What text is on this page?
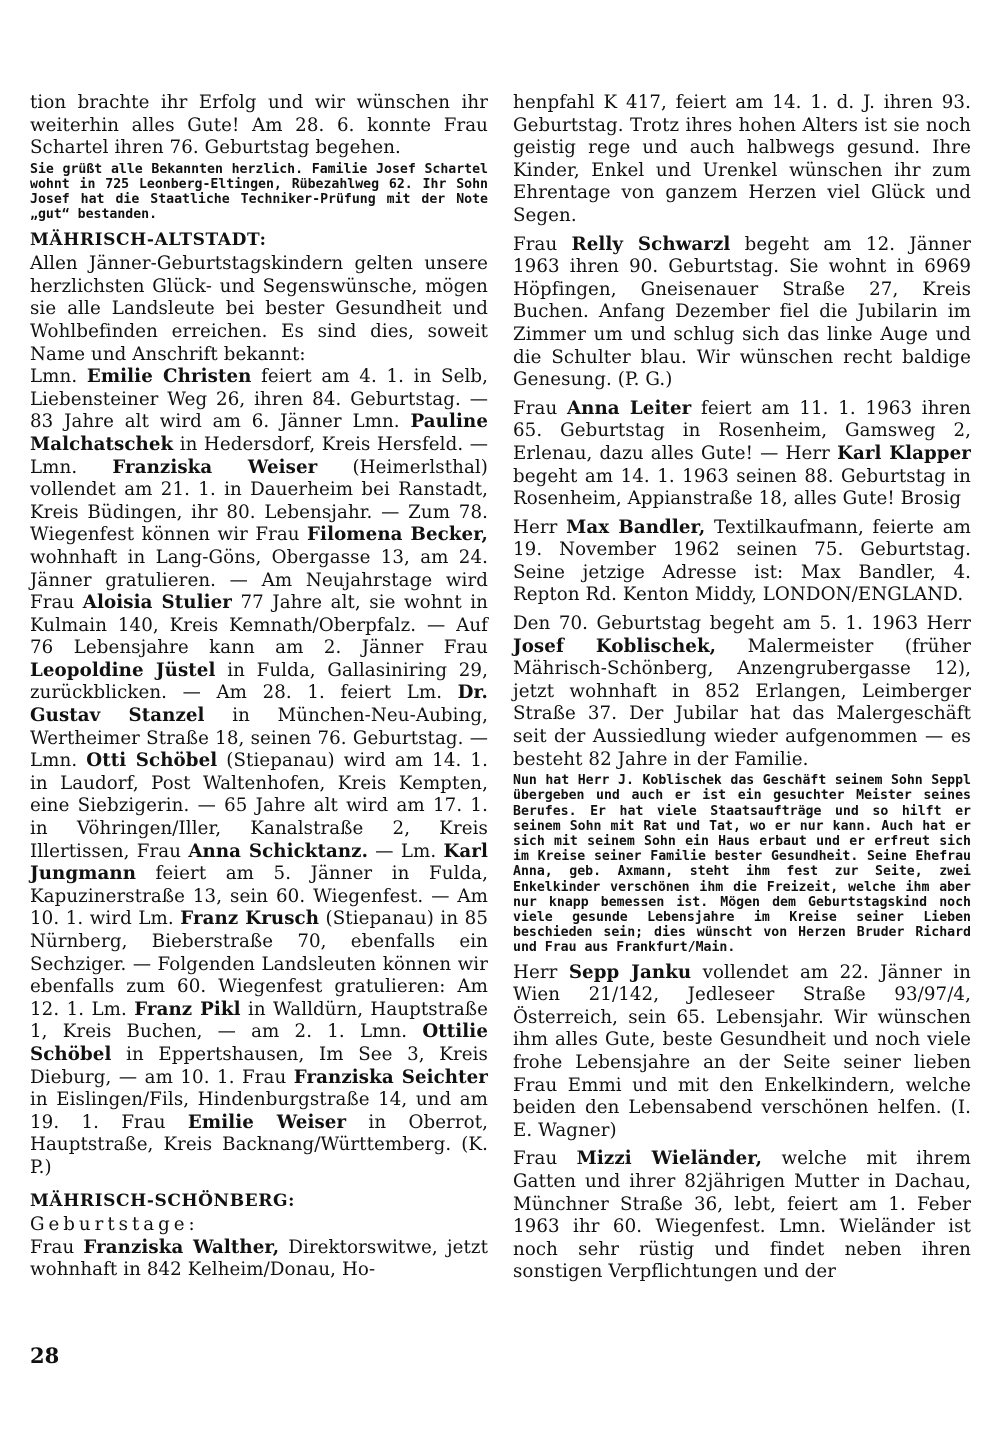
tion brachte ihr Erfolg und wir wünschen ihr weiterhin alles Gute! Am 28. 6. konnte Frau Schartel ihren 76. Geburtstag begehen.

Sie grüßt alle Bekannten herzlich. Familie Josef Schartel wohnt in 725 Leonberg-Eltingen, Rübezahlweg 62. Ihr Sohn Josef hat die Staatliche Techniker-Prüfung mit der Note „gut“ bestanden.

MÄHRISCH-ALTSTADT:

Allen Jänner-Geburtstagskindern gelten unsere herzlichsten Glück- und Segenswünsche, mögen sie alle Landsleute bei bester Gesundheit und Wohlbefinden erreichen. Es sind dies, soweit Name und Anschrift bekannt:

Lmn. Emilie Christen feiert am 4. 1. in Selb, Liebensteiner Weg 26, ihren 84. Geburtstag. — 83 Jahre alt wird am 6. Jänner Lmn. Pauline Malchatschek in Hedersdorf, Kreis Hersfeld. — Lmn. Franziska Weiser (Heimerlsthal) vollendet am 21. 1. in Dauerheim bei Ranstadt, Kreis Büdingen, ihr 80. Lebensjahr. — Zum 78. Wiegenfest können wir Frau Filomena Becker, wohnhaft in Lang-Göns, Obergasse 13, am 24. Jänner gratulieren. — Am Neujahrstage wird Frau Aloisia Stulier 77 Jahre alt, sie wohnt in Kulmain 140, Kreis Kemnath/Oberpfalz. — Auf 76 Lebensjahre kann am 2. Jänner Frau Leopoldine Jüstel in Fulda, Gallasiniring 29, zurückblicken. — Am 28. 1. feiert Lm. Dr. Gustav Stanzel in München-Neu-Aubing, Wertheimer Straße 18, seinen 76. Geburtstag. — Lmn. Otti Schöbel (Stiepanau) wird am 14. 1. in Laudorf, Post Waltenhofen, Kreis Kempten, eine Siebzigerin. — 65 Jahre alt wird am 17. 1. in Vöhringen/Iller, Kanalstraße 2, Kreis Illertissen, Frau Anna Schicktanz. — Lm. Karl Jungmann feiert am 5. Jänner in Fulda, Kapuzinerstraße 13, sein 60. Wiegenfest. — Am 10. 1. wird Lm. Franz Krusch (Stiepanau) in 85 Nürnberg, Bieberstraße 70, ebenfalls ein Sechziger. — Folgenden Landsleuten können wir ebenfalls zum 60. Wiegenfest gratulieren: Am 12. 1. Lm. Franz Pikl in Walldürn, Hauptstraße 1, Kreis Buchen, — am 2. 1. Lmn. Ottilie Schöbel in Eppertshausen, Im See 3, Kreis Dieburg, — am 10. 1. Frau Franziska Seichter in Eislingen/Fils, Hindenburgstraße 14, und am 19. 1. Frau Emilie Weiser in Oberrot, Hauptstraße, Kreis Backnang/Württemberg. (K. P.)

MÄHRISCH-SCHÖNBERG:

Geburtstage:

Frau Franziska Walther, Direktorswitwe, jetzt wohnhaft in 842 Kelheim/Donau, Ho-

henpfahl K 417, feiert am 14. 1. d. J. ihren 93. Geburtstag. Trotz ihres hohen Alters ist sie noch geistig rege und auch halbwegs gesund. Ihre Kinder, Enkel und Urenkel wünschen ihr zum Ehrentage von ganzem Herzen viel Glück und Segen.

Frau Relly Schwarzl begeht am 12. Jänner 1963 ihren 90. Geburtstag. Sie wohnt in 6969 Höpfingen, Gneisenauer Straße 27, Kreis Buchen. Anfang Dezember fiel die Jubilarin im Zimmer um und schlug sich das linke Auge und die Schulter blau. Wir wünschen recht baldige Genesung. (P. G.)

Frau Anna Leiter feiert am 11. 1. 1963 ihren 65. Geburtstag in Rosenheim, Gamsweg 2, Erlenau, dazu alles Gute! — Herr Karl Klapper begeht am 14. 1. 1963 seinen 88. Geburtstag in Rosenheim, Appianstraße 18, alles Gute! Brosig

Herr Max Bandler, Textilkaufmann, feierte am 19. November 1962 seinen 75. Geburtstag. Seine jetzige Adresse ist: Max Bandler, 4. Repton Rd. Kenton Middy, LONDON/ENGLAND.

Den 70. Geburtstag begeht am 5. 1. 1963 Herr Josef Koblischek, Malermeister (früher Mährisch-Schönberg, Anzengrubergasse 12), jetzt wohnhaft in 852 Erlangen, Leimberger Straße 37. Der Jubilar hat das Malergeschäft seit der Aussiedlung wieder aufgenommen — es besteht 82 Jahre in der Familie.

Nun hat Herr J. Koblischek das Geschäft seinem Sohn Seppl übergeben und auch er ist ein gesuchter Meister seines Berufes. Er hat viele Staatsaufträge und so hilft er seinem Sohn mit Rat und Tat, wo er nur kann. Auch hat er sich mit seinem Sohn ein Haus erbaut und er erfreut sich im Kreise seiner Familie bester Gesundheit. Seine Ehefrau Anna, geb. Axmann, steht ihm fest zur Seite, zwei Enkelkinder verschönen ihm die Freizeit, welche ihm aber nur knapp bemessen ist. Mögen dem Geburtstagskind noch viele gesunde Lebensjahre im Kreise seiner Lieben beschieden sein; dies wünscht von Herzen Bruder Richard und Frau aus Frankfurt/Main.

Herr Sepp Janku vollendet am 22. Jänner in Wien 21/142, Jedleseer Straße 93/97/4, Österreich, sein 65. Lebensjahr. Wir wünschen ihm alles Gute, beste Gesundheit und noch viele frohe Lebensjahre an der Seite seiner lieben Frau Emmi und mit den Enkelkindern, welche beiden den Lebensabend verschönen helfen. (I. E. Wagner)

Frau Mizzi Wieländer, welche mit ihrem Gatten und ihrer 82jährigen Mutter in Dachau, Münchner Straße 36, lebt, feiert am 1. Feber 1963 ihr 60. Wiegenfest. Lmn. Wieländer ist noch sehr rüstig und findet neben ihren sonstigen Verpflichtungen und der

28
